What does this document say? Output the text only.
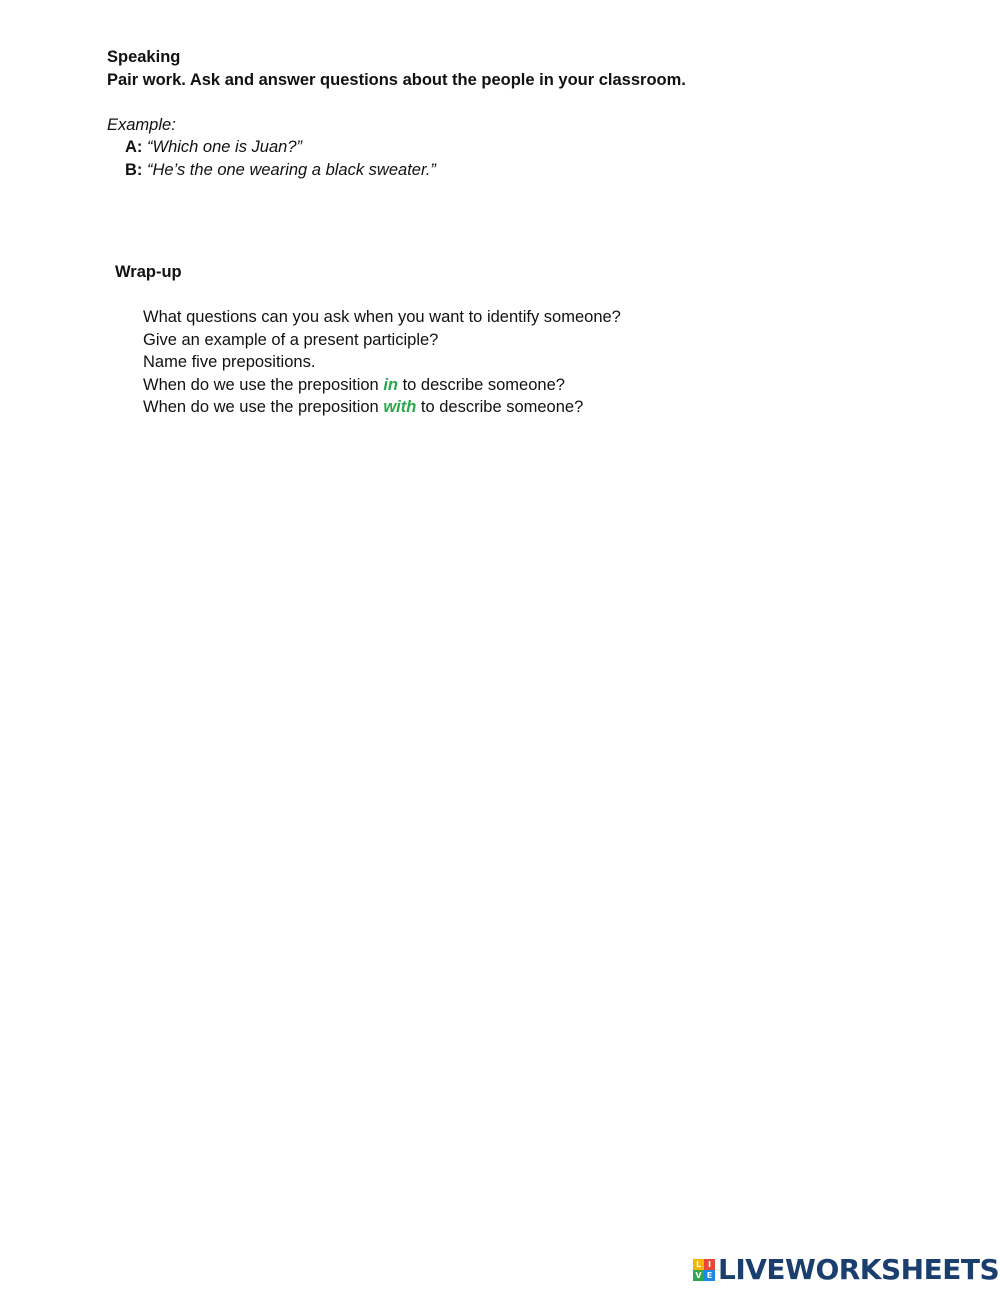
Speaking
Pair work. Ask and answer questions about the people in your classroom.
Example:
A: “Which one is Juan?”
B: “He’s the one wearing a black sweater.”
Wrap-up
What questions can you ask when you want to identify someone?
Give an example of a present participle?
Name five prepositions.
When do we use the preposition in to describe someone?
When do we use the preposition with to describe someone?
L I
V E LIVEWORKSHEETS
